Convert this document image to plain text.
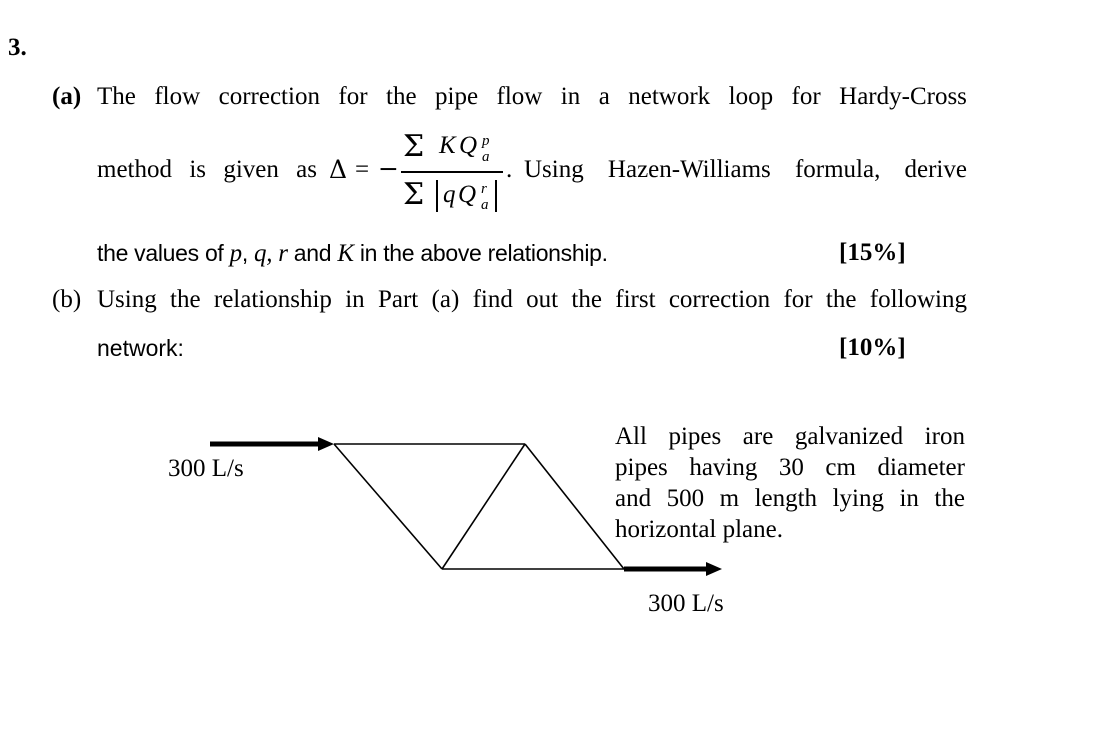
3.
(a) The flow correction for the pipe flow in a network loop for Hardy-Cross
method is given as Δ = −
Σ K Q p
a
Σ q Q r
a
. Using Hazen-Williams formula, derive
the values of p, q, r and K in the above relationship.	[15%]
(b) Using the relationship in Part (a) find out the first correction for the following
network:	[10%]
300 L/s
300 L/s
All pipes are galvanized iron
pipes having 30 cm diameter
and 500 m length lying in the
horizontal plane.
